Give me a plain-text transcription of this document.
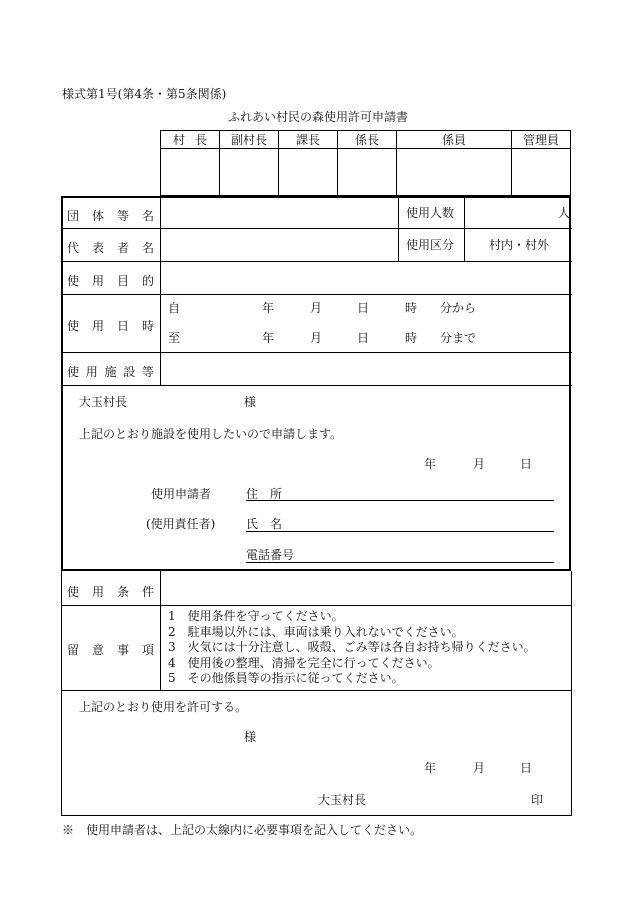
様式第1号(第4条・第5条関係)
ふれあい村民の森使用許可申請書
村 長	副村長	課長	係長	係員	管理員

団 体 等 名	使用人数	人
代 表 者 名	使用区分	村内・村外
使 用 目 的
使 用 日 時
自	年	月	日	時 分から
至	年	月	日	時 分まで
使 用 施 設 等
大玉村長	様
上記のとおり施設を使用したいので申請します。
年	月	日
使用申請者
(使用責任者)
住　所
氏　名
電話番号
使 用 条 件
留 意 事 項
1　使用条件を守ってください。
2　駐車場以外には、車両は乗り入れないでください。
3　火気には十分注意し、吸殻、ごみ等は各自お持ち帰りください。
4　使用後の整理、清掃を完全に行ってください。
5　その他係員等の指示に従ってください。
上記のとおり使用を許可する。
様
年	月	日
大玉村長	印
※　使用申請者は、上記の太線内に必要事項を記入してください。
